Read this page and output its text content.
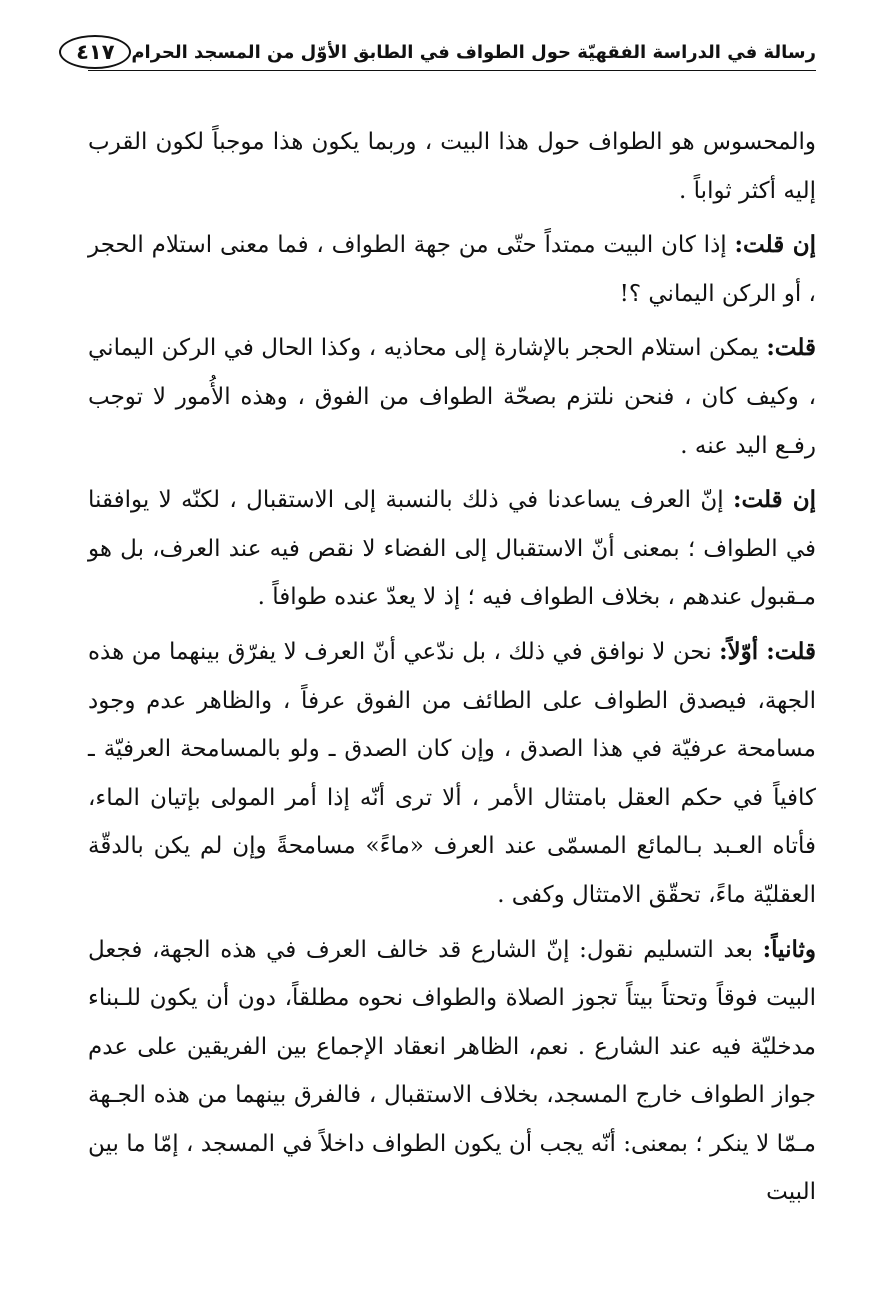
رسالة في الدراسة الفقهيّة حول الطواف في الطابق الأوّل من المسجد الحرام
٤١٧

والمحسوس هو الطواف حول هذا البيت ، وربما يكون هذا موجباً لكون القرب إليه أكثر ثواباً .

إن قلت: إذا كان البيت ممتداً حتّى من جهة الطواف ، فما معنى استلام الحجر ، أو الركن اليماني ؟!

قلت: يمكن استلام الحجر بالإشارة إلى محاذيه ، وكذا الحال في الركن اليماني ، وكيف كان ، فنحن نلتزم بصحّة الطواف من الفوق ، وهذه الأُمور لا توجب رفـع اليد عنه .

إن قلت: إنّ العرف يساعدنا في ذلك بالنسبة إلى الاستقبال ، لكنّه لا يوافقنا في الطواف ؛ بمعنى أنّ الاستقبال إلى الفضاء لا نقص فيه عند العرف، بل هو مـقبول عندهم ، بخلاف الطواف فيه ؛ إذ لا يعدّ عنده طوافاً .

قلت: أوّلاً: نحن لا نوافق في ذلك ، بل ندّعي أنّ العرف لا يفرّق بينهما من هذه الجهة، فيصدق الطواف على الطائف من الفوق عرفاً ، والظاهر عدم وجود مسامحة عرفيّة في هذا الصدق ، وإن كان الصدق ـ ولو بالمسامحة العرفيّة ـ كافياً في حكم العقل بامتثال الأمر ، ألا ترى أنّه إذا أمر المولى بإتيان الماء، فأتاه العـبد بـالمائع المسمّى عند العرف «ماءً» مسامحةً وإن لم يكن بالدقّة العقليّة ماءً، تحقّق الامتثال وكفى .

وثانياً: بعد التسليم نقول: إنّ الشارع قد خالف العرف في هذه الجهة، فجعل البيت فوقاً وتحتاً بيتاً تجوز الصلاة والطواف نحوه مطلقاً، دون أن يكون للـبناء مدخليّة فيه عند الشارع . نعم، الظاهر انعقاد الإجماع بين الفريقين على عدم جواز الطواف خارج المسجد، بخلاف الاستقبال ، فالفرق بينهما من هذه الجـهة مـمّا لا ينكر ؛ بمعنى: أنّه يجب أن يكون الطواف داخلاً في المسجد ، إمّا ما بين البيت
